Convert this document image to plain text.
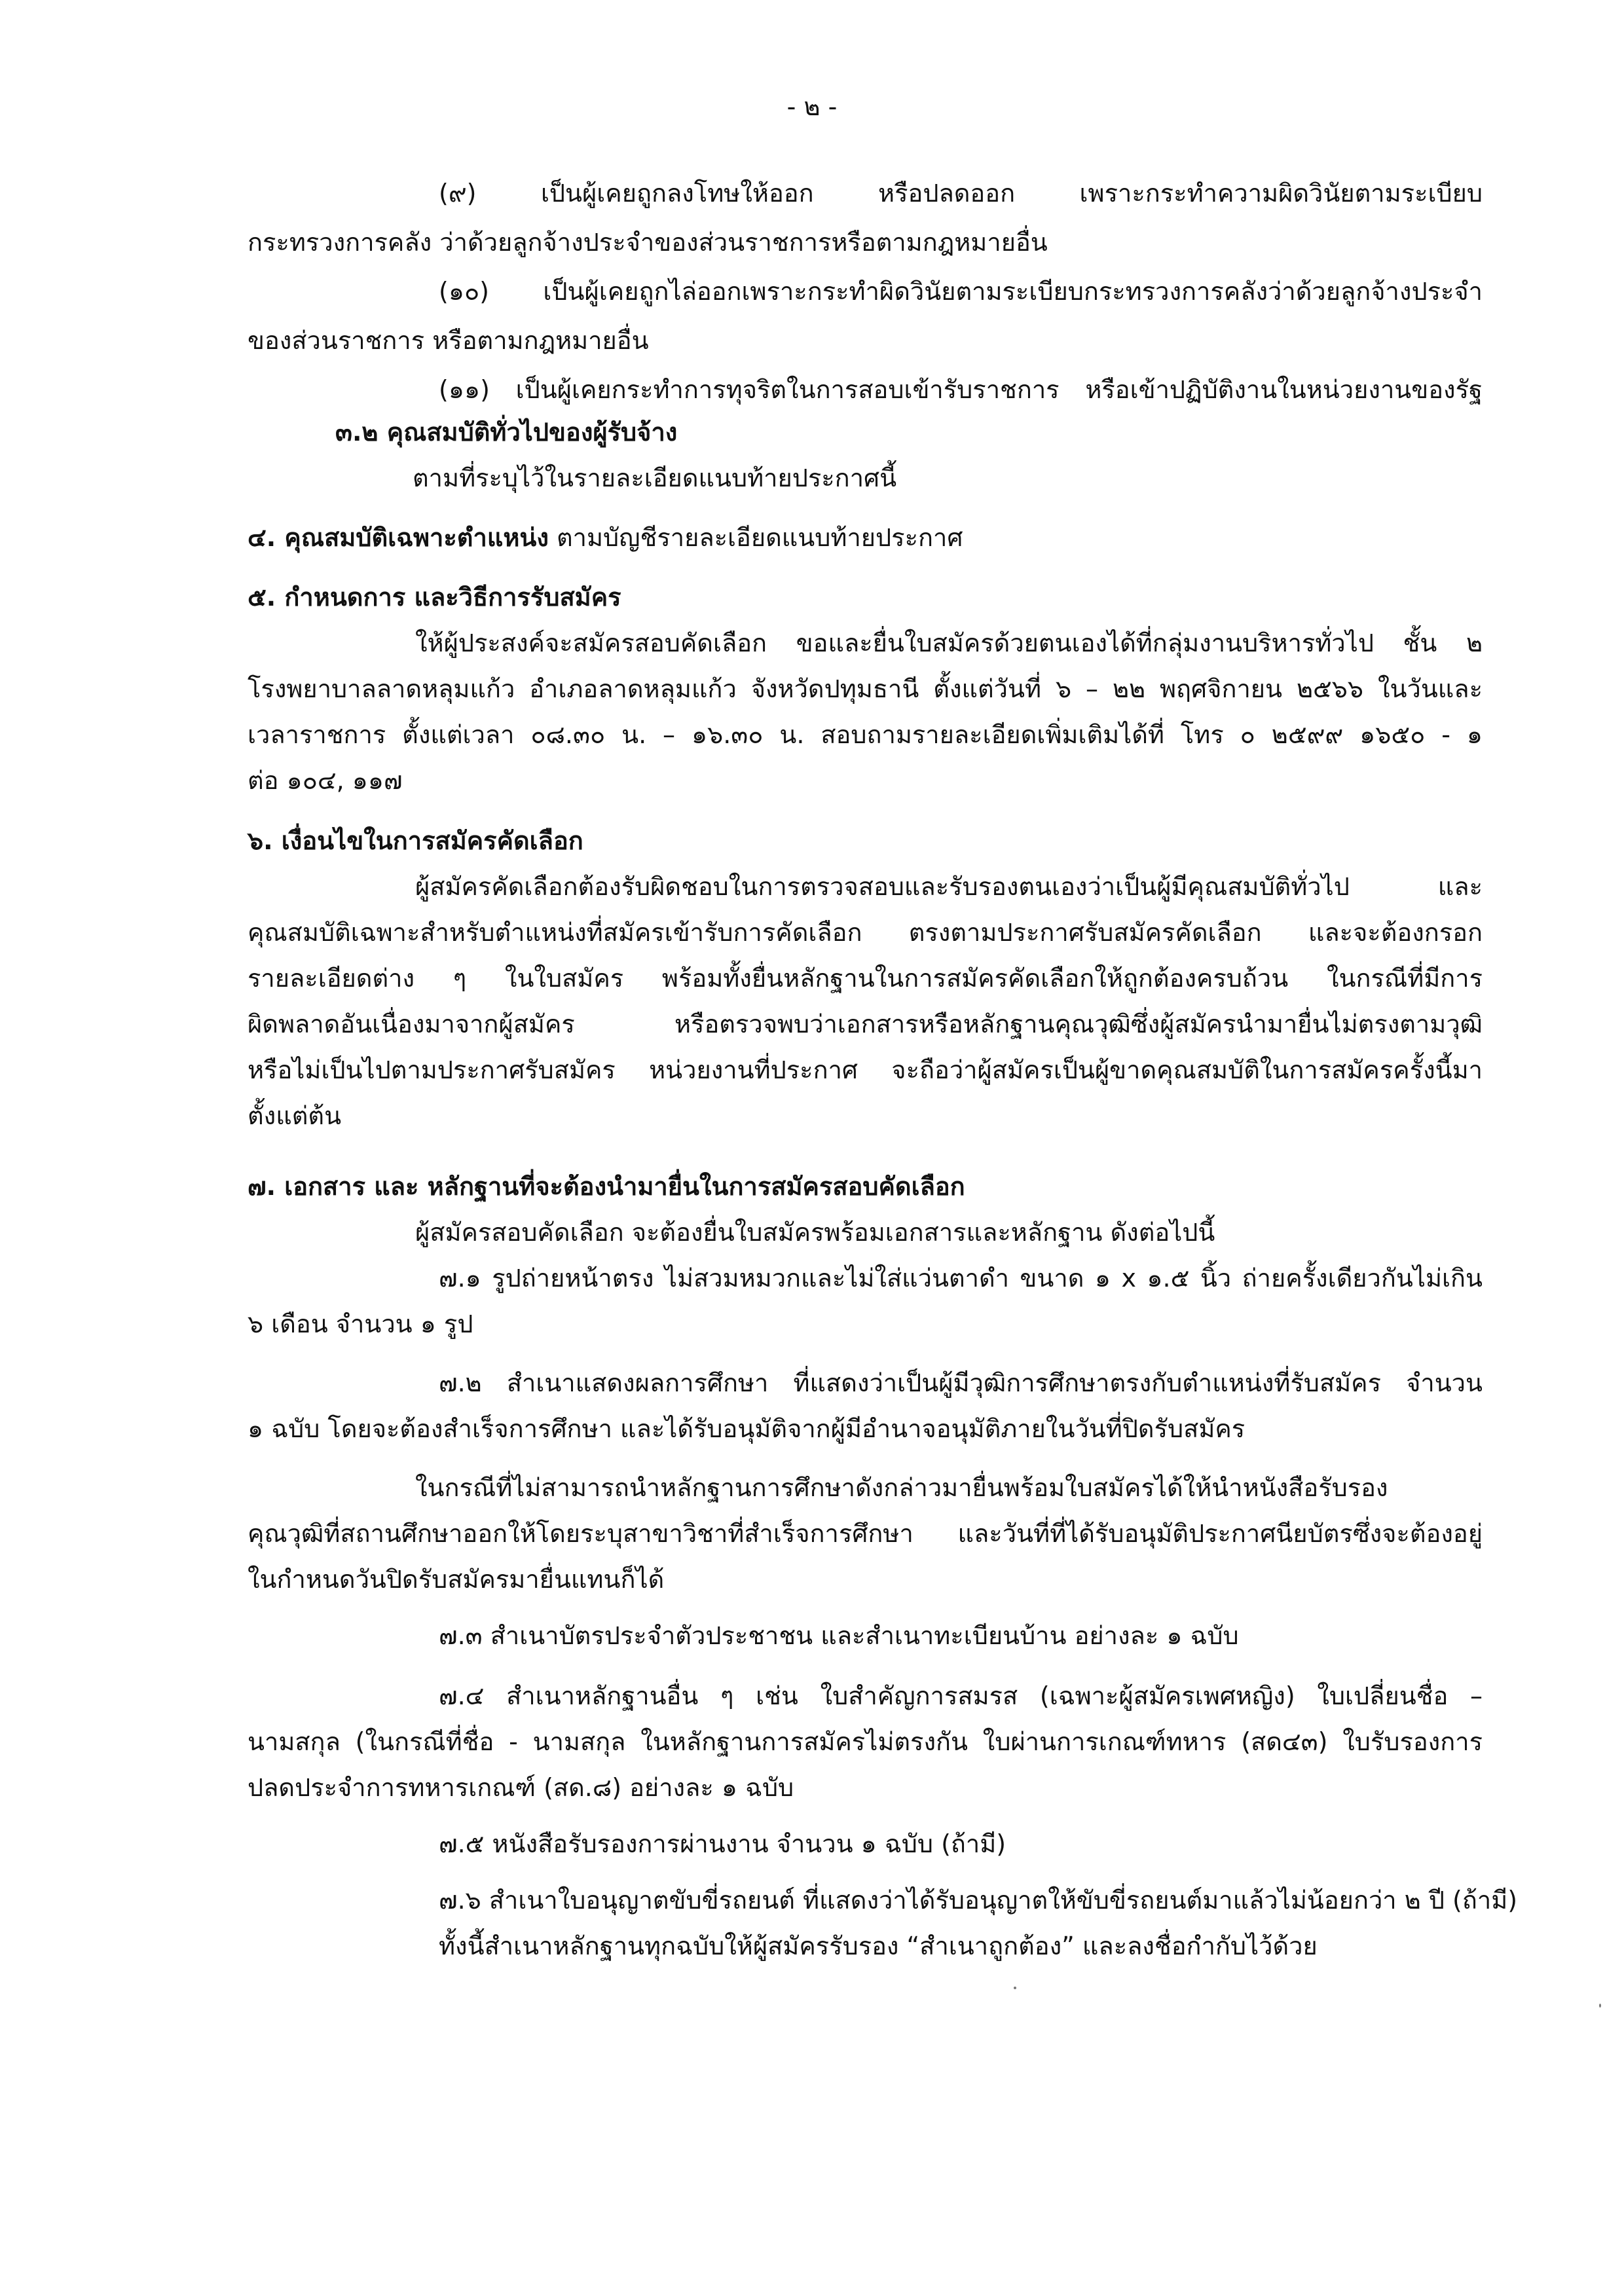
- ๒ -
(๙) เป็นผู้เคยถูกลงโทษให้ออก หรือปลดออก เพราะกระทำความผิดวินัยตามระเบียบ
กระทรวงการคลัง ว่าด้วยลูกจ้างประจำของส่วนราชการหรือตามกฎหมายอื่น
(๑๐) เป็นผู้เคยถูกไล่ออกเพราะกระทำผิดวินัยตามระเบียบกระทรวงการคลังว่าด้วยลูกจ้างประจำ
ของส่วนราชการ หรือตามกฎหมายอื่น
(๑๑) เป็นผู้เคยกระทำการทุจริตในการสอบเข้ารับราชการ หรือเข้าปฏิบัติงานในหน่วยงานของรัฐ
๓.๒ คุณสมบัติทั่วไปของผู้รับจ้าง
ตามที่ระบุไว้ในรายละเอียดแนบท้ายประกาศนี้
๔. คุณสมบัติเฉพาะตำแหน่ง ตามบัญชีรายละเอียดแนบท้ายประกาศ
๕. กำหนดการ และวิธีการรับสมัคร
ให้ผู้ประสงค์จะสมัครสอบคัดเลือก ขอและยื่นใบสมัครด้วยตนเองได้ที่กลุ่มงานบริหารทั่วไป ชั้น ๒
โรงพยาบาลลาดหลุมแก้ว อำเภอลาดหลุมแก้ว จังหวัดปทุมธานี ตั้งแต่วันที่ ๖ – ๒๒ พฤศจิกายน ๒๕๖๖ ในวันและ
เวลาราชการ ตั้งแต่เวลา ๐๘.๓๐ น. – ๑๖.๓๐ น. สอบถามรายละเอียดเพิ่มเติมได้ที่ โทร ๐ ๒๕๙๙ ๑๖๕๐ - ๑
ต่อ ๑๐๔, ๑๑๗
๖. เงื่อนไขในการสมัครคัดเลือก
ผู้สมัครคัดเลือกต้องรับผิดชอบในการตรวจสอบและรับรองตนเองว่าเป็นผู้มีคุณสมบัติทั่วไป และ
คุณสมบัติเฉพาะสำหรับตำแหน่งที่สมัครเข้ารับการคัดเลือก ตรงตามประกาศรับสมัครคัดเลือก และจะต้องกรอก
รายละเอียดต่าง ๆ ในใบสมัคร พร้อมทั้งยื่นหลักฐานในการสมัครคัดเลือกให้ถูกต้องครบถ้วน ในกรณีที่มีการ
ผิดพลาดอันเนื่องมาจากผู้สมัคร หรือตรวจพบว่าเอกสารหรือหลักฐานคุณวุฒิซึ่งผู้สมัครนำมายื่นไม่ตรงตามวุฒิ
หรือไม่เป็นไปตามประกาศรับสมัคร หน่วยงานที่ประกาศ จะถือว่าผู้สมัครเป็นผู้ขาดคุณสมบัติในการสมัครครั้งนี้มา
ตั้งแต่ต้น
๗. เอกสาร และ หลักฐานที่จะต้องนำมายื่นในการสมัครสอบคัดเลือก
ผู้สมัครสอบคัดเลือก จะต้องยื่นใบสมัครพร้อมเอกสารและหลักฐาน ดังต่อไปนี้
๗.๑ รูปถ่ายหน้าตรง ไม่สวมหมวกและไม่ใส่แว่นตาดำ ขนาด ๑ x ๑.๕ นิ้ว ถ่ายครั้งเดียวกันไม่เกิน
๖ เดือน จำนวน ๑ รูป
๗.๒ สำเนาแสดงผลการศึกษา ที่แสดงว่าเป็นผู้มีวุฒิการศึกษาตรงกับตำแหน่งที่รับสมัคร จำนวน
๑ ฉบับ โดยจะต้องสำเร็จการศึกษา และได้รับอนุมัติจากผู้มีอำนาจอนุมัติภายในวันที่ปิดรับสมัคร
ในกรณีที่ไม่สามารถนำหลักฐานการศึกษาดังกล่าวมายื่นพร้อมใบสมัครได้ให้นำหนังสือรับรอง
คุณวุฒิที่สถานศึกษาออกให้โดยระบุสาขาวิชาที่สำเร็จการศึกษา และวันที่ที่ได้รับอนุมัติประกาศนียบัตรซึ่งจะต้องอยู่
ในกำหนดวันปิดรับสมัครมายื่นแทนก็ได้
๗.๓ สำเนาบัตรประจำตัวประชาชน และสำเนาทะเบียนบ้าน อย่างละ ๑ ฉบับ
๗.๔ สำเนาหลักฐานอื่น ๆ เช่น ใบสำคัญการสมรส (เฉพาะผู้สมัครเพศหญิง) ใบเปลี่ยนชื่อ –
นามสกุล (ในกรณีที่ชื่อ - นามสกุล ในหลักฐานการสมัครไม่ตรงกัน ใบผ่านการเกณฑ์ทหาร (สด๔๓) ใบรับรองการ
ปลดประจำการทหารเกณฑ์ (สด.๘) อย่างละ ๑ ฉบับ
๗.๕ หนังสือรับรองการผ่านงาน จำนวน ๑ ฉบับ (ถ้ามี)
๗.๖ สำเนาใบอนุญาตขับขี่รถยนต์ ที่แสดงว่าได้รับอนุญาตให้ขับขี่รถยนต์มาแล้วไม่น้อยกว่า ๒ ปี (ถ้ามี)
ทั้งนี้สำเนาหลักฐานทุกฉบับให้ผู้สมัครรับรอง “สำเนาถูกต้อง” และลงชื่อกำกับไว้ด้วย
